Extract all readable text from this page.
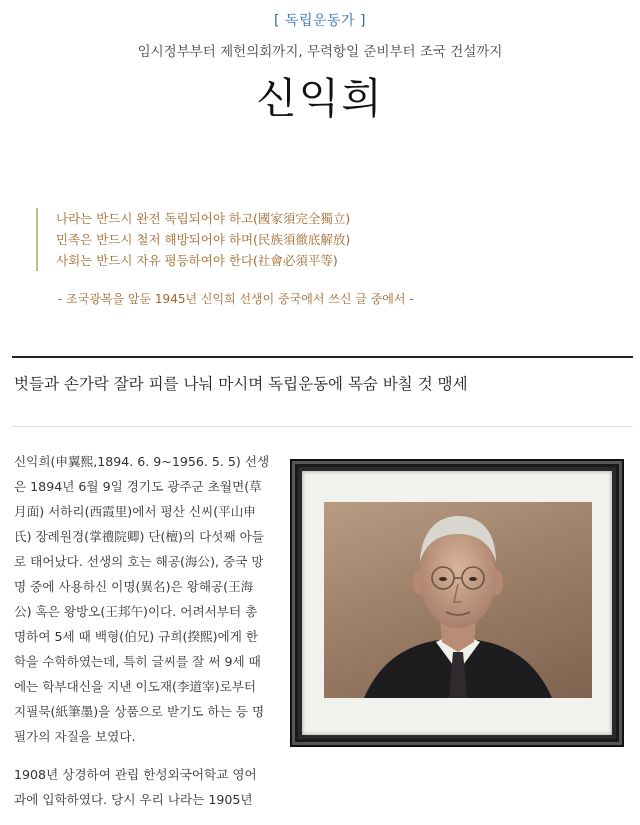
[ 독립운동가 ]
임시정부부터 제헌의회까지, 무력항일 준비부터 조국 건설까지
신익희
나라는 반드시 완전 독립되어야 하고(國家須完全獨立)
민족은 반드시 철저 해방되어야 하며(民族須徹底解放)
사회는 반드시 자유 평등하여야 한다(社會必須平等)
- 조국광복을 앞둔 1945년 신익희 선생이 중국에서 쓰신 글 중에서 -
벗들과 손가락 잘라 피를 나눠 마시며 독립운동에 목숨 바칠 것 맹세
신익희(申翼熙,1894. 6. 9~1956. 5. 5) 선생
은 1894년 6월 9일 경기도 광주군 초월면(草
月面) 서하리(西霞里)에서 평산 신씨(平山申
氏) 장례원경(掌禮院卿) 단(檀)의 다섯째 아들
로 태어났다. 선생의 호는 해공(海公), 중국 망
명 중에 사용하신 이명(異名)은 왕해공(王海
公) 혹은 왕방오(王邦午)이다. 어려서부터 총
명하여 5세 때 백형(伯兄) 규희(揆熙)에게 한
학을 수학하였는데, 특히 글씨를 잘 써 9세 때
에는 학부대신을 지낸 이도재(李道宰)로부터
지필묵(紙筆墨)을 상품으로 받기도 하는 등 명
필가의 자질을 보였다.
1908년 상경하여 관립 한성외국어학교 영어
과에 입학하였다. 당시 우리 나라는 1905년
